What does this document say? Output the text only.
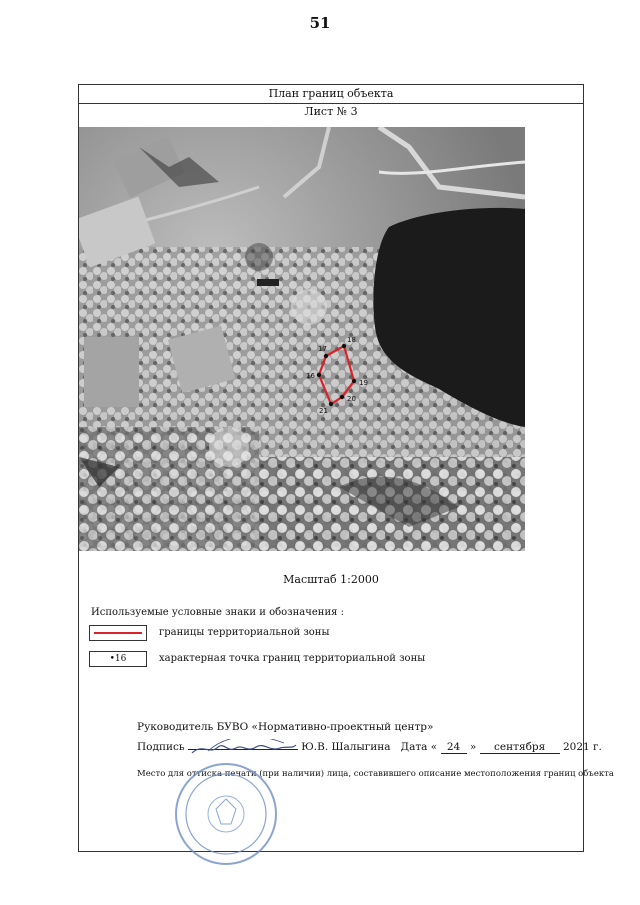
51
План границ объекта
Лист № 3
16
17
18
19
20
21
Масштаб 1:2000
Используемые условные знаки и обозначения :
границы территориальной зоны
•16	характерная точка границ территориальной зоны
Руководитель БУВО «Нормативно-проектный центр»
Подпись	Ю.В. Шалыгина Дата « 24 » сентября 2021 г.
Место для оттиска печати (при наличии) лица, составившего описание местоположения границ объекта
